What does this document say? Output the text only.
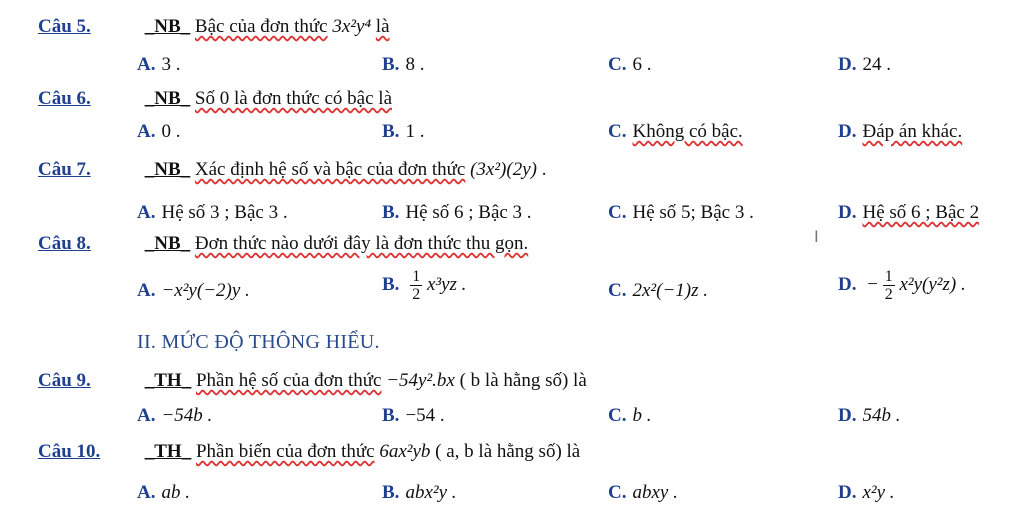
Câu 5.	_NB_ Bậc của đơn thức 3x²y⁴ là
A. 3 .	B. 8 .	C. 6 .	D. 24 .
Câu 6.	_NB_ Số 0 là đơn thức có bậc là
A. 0 .	B. 1 .	C. Không có bậc.	D. Đáp án khác.
Câu 7.	_NB_ Xác định hệ số và bậc của đơn thức (3x²)(2y) .
A. Hệ số 3 ; Bậc 3 .	B. Hệ số 6 ; Bậc 3 .	C. Hệ số 5; Bậc 3 .	D. Hệ số 6 ; Bậc 2
Câu 8.	_NB_ Đơn thức nào dưới đây là đơn thức thu gọn.	I
A. −x²y(−2)y .	B. $\frac{1}{2} x^3yz$ .	C. 2x²(−1)z .	D. − $\frac{1}{2} x^2y(y^2z)$ .
II. MỨC ĐỘ THÔNG HIỂU.
Câu 9.	_TH_ Phần hệ số của đơn thức −54y².bx ( b là hằng số) là
A. −54b .	B. −54 .	C. b .	D. 54b .
Câu 10. _TH_ Phần biến của đơn thức 6ax²yb ( a, b là hằng số) là
A. ab .	B. abx²y .	C. abxy .	D. x²y .
